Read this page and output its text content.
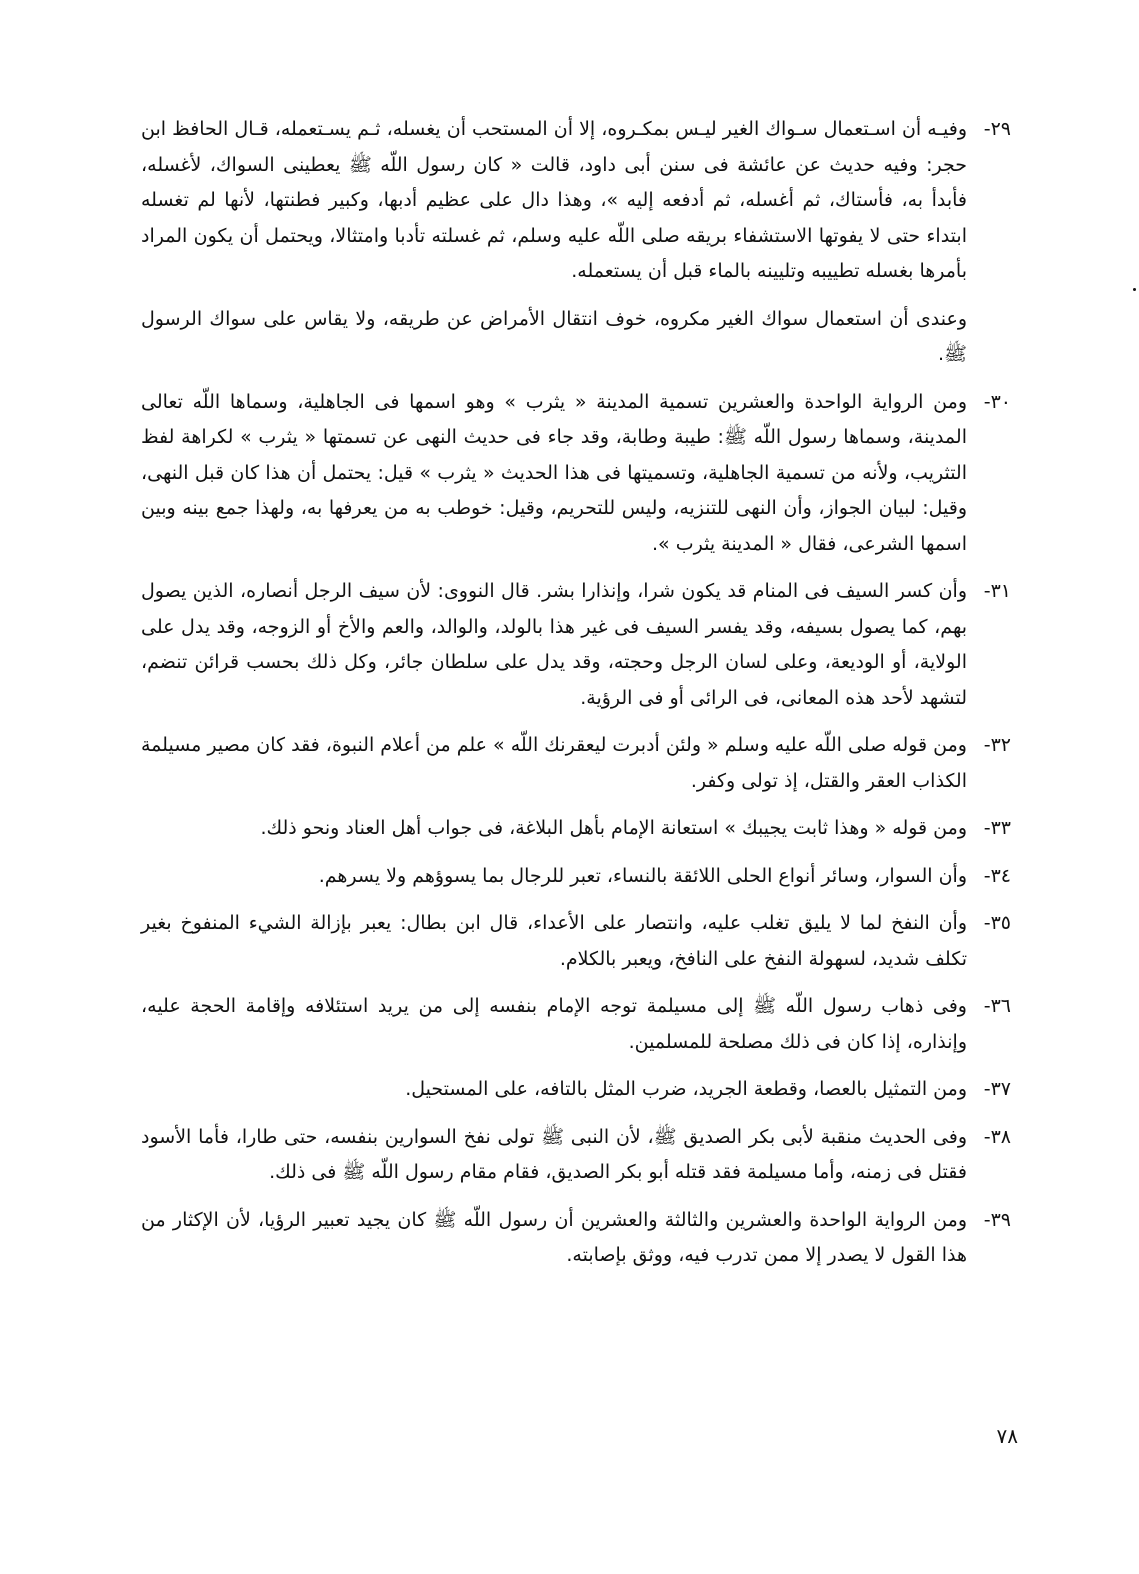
٢٩-

وفيـه أن اسـتعمال سـواك الغير ليـس بمكـروه، إلا أن المستحب أن يغسله، ثـم يسـتعمله، قـال الحافظ ابن حجر: وفيه حديث عن عائشة فى سنن أبى داود، قالت « كان رسول اللّه ﷺ يعطينى السواك، لأغسله، فأبدأ به، فأستاك، ثم أغسله، ثم أدفعه إليه »، وهذا دال على عظيم أدبها، وكبير فطنتها، لأنها لم تغسله ابتداء حتى لا يفوتها الاستشفاء بريقه صلى اللّه عليه وسلم، ثم غسلته تأدبا وامتثالا، ويحتمل أن يكون المراد بأمرها بغسله تطييبه وتليينه بالماء قبل أن يستعمله.

وعندى أن استعمال سواك الغير مكروه، خوف انتقال الأمراض عن طريقه، ولا يقاس على سواك الرسول ﷺ.

٣٠-

ومن الرواية الواحدة والعشرين تسمية المدينة « يثرب » وهو اسمها فى الجاهلية، وسماها اللّه تعالى المدينة، وسماها رسول اللّه ﷺ: طيبة وطابة، وقد جاء فى حديث النهى عن تسمتها « يثرب » لكراهة لفظ التثريب، ولأنه من تسمية الجاهلية، وتسميتها فى هذا الحديث « يثرب » قيل: يحتمل أن هذا كان قبل النهى، وقيل: لبيان الجواز، وأن النهى للتنزيه، وليس للتحريم، وقيل: خوطب به من يعرفها به، ولهذا جمع بينه وبين اسمها الشرعى، فقال « المدينة يثرب ».

٣١-

وأن كسر السيف فى المنام قد يكون شرا، وإنذارا بشر. قال النووى: لأن سيف الرجل أنصاره، الذين يصول بهم، كما يصول بسيفه، وقد يفسر السيف فى غير هذا بالولد، والوالد، والعم والأخ أو الزوجه، وقد يدل على الولاية، أو الوديعة، وعلى لسان الرجل وحجته، وقد يدل على سلطان جائر، وكل ذلك بحسب قرائن تنضم، لتشهد لأحد هذه المعانى، فى الرائى أو فى الرؤية.

٣٢-

ومن قوله صلى اللّه عليه وسلم « ولئن أدبرت ليعقرنك اللّه » علم من أعلام النبوة، فقد كان مصير مسيلمة الكذاب العقر والقتل، إذ تولى وكفر.

٣٣-

ومن قوله « وهذا ثابت يجيبك » استعانة الإمام بأهل البلاغة، فى جواب أهل العناد ونحو ذلك.

٣٤-

وأن السوار، وسائر أنواع الحلى اللائقة بالنساء، تعبر للرجال بما يسوؤهم ولا يسرهم.

٣٥-

وأن النفخ لما لا يليق تغلب عليه، وانتصار على الأعداء، قال ابن بطال: يعبر بإزالة الشيء المنفوخ بغير تكلف شديد، لسهولة النفخ على النافخ، ويعبر بالكلام.

٣٦-

وفى ذهاب رسول اللّه ﷺ إلى مسيلمة توجه الإمام بنفسه إلى من يريد استئلافه وإقامة الحجة عليه، وإنذاره، إذا كان فى ذلك مصلحة للمسلمين.

٣٧-

ومن التمثيل بالعصا، وقطعة الجريد، ضرب المثل بالتافه، على المستحيل.

٣٨-

وفى الحديث منقبة لأبى بكر الصديق ﷺ، لأن النبى ﷺ تولى نفخ السوارين بنفسه، حتى طارا، فأما الأسود فقتل فى زمنه، وأما مسيلمة فقد قتله أبو بكر الصديق، فقام مقام رسول اللّه ﷺ فى ذلك.

٣٩-

ومن الرواية الواحدة والعشرين والثالثة والعشرين أن رسول اللّه ﷺ كان يجيد تعبير الرؤيا، لأن الإكثار من هذا القول لا يصدر إلا ممن تدرب فيه، ووثق بإصابته.

٧٨
